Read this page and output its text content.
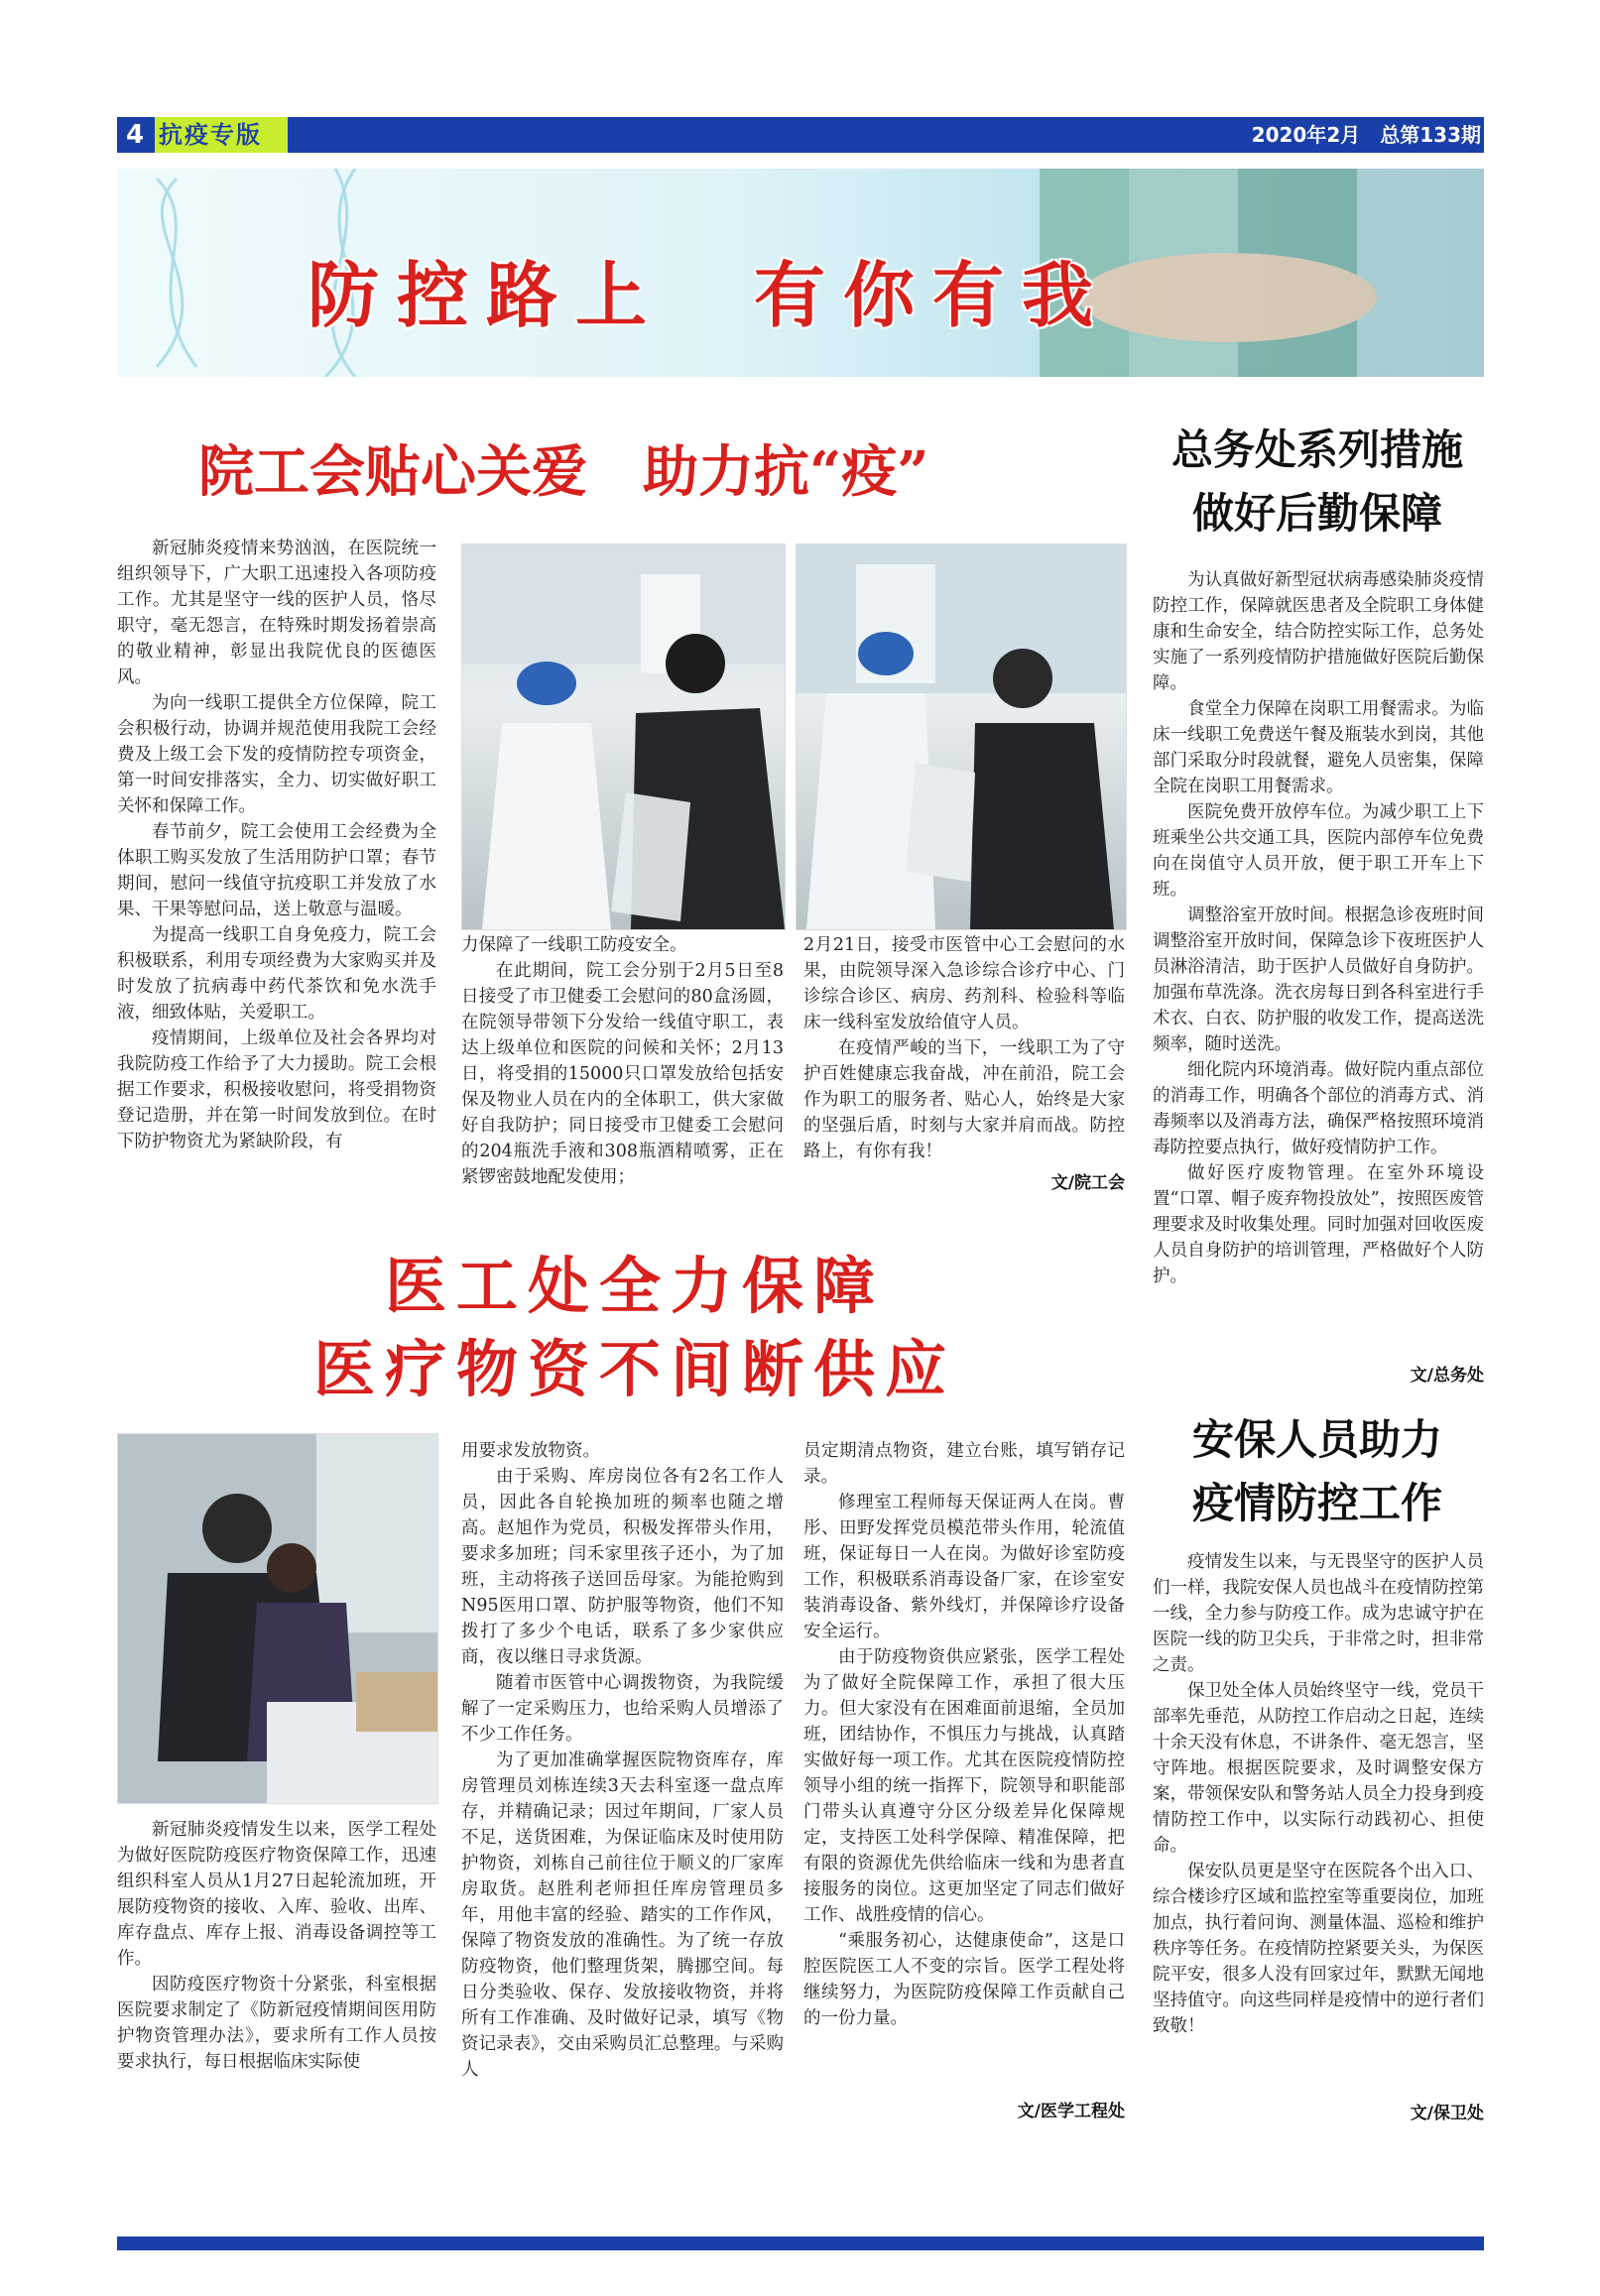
4 抗疫专版	2020年2月　总第133期
防控路上　有你有我
院工会贴心关爱　助力抗“疫”

新冠肺炎疫情来势汹汹，在医院统一组织领导下，广大职工迅速投入各项防疫工作。尤其是坚守一线的医护人员，恪尽职守，毫无怨言，在特殊时期发扬着崇高的敬业精神，彰显出我院优良的医德医风。

为向一线职工提供全方位保障，院工会积极行动，协调并规范使用我院工会经费及上级工会下发的疫情防控专项资金，第一时间安排落实，全力、切实做好职工关怀和保障工作。

春节前夕，院工会使用工会经费为全体职工购买发放了生活用防护口罩；春节期间，慰问一线值守抗疫职工并发放了水果、干果等慰问品，送上敬意与温暖。

为提高一线职工自身免疫力，院工会积极联系，利用专项经费为大家购买并及时发放了抗病毒中药代茶饮和免水洗手液，细致体贴，关爱职工。

疫情期间，上级单位及社会各界均对我院防疫工作给予了大力援助。院工会根据工作要求，积极接收慰问，将受捐物资登记造册，并在第一时间发放到位。在时下防护物资尤为紧缺阶段，有

力保障了一线职工防疫安全。

在此期间，院工会分别于2月5日至8日接受了市卫健委工会慰问的80盒汤圆，在院领导带领下分发给一线值守职工，表达上级单位和医院的问候和关怀；2月13日，将受捐的15000只口罩发放给包括安保及物业人员在内的全体职工，供大家做好自我防护；同日接受市卫健委工会慰问的204瓶洗手液和308瓶酒精喷雾，正在紧锣密鼓地配发使用；

2月21日，接受市医管中心工会慰问的水果，由院领导深入急诊综合诊疗中心、门诊综合诊区、病房、药剂科、检验科等临床一线科室发放给值守人员。

在疫情严峻的当下，一线职工为了守护百姓健康忘我奋战，冲在前沿，院工会作为职工的服务者、贴心人，始终是大家的坚强后盾，时刻与大家并肩而战。防控路上，有你有我！

文/院工会
总务处系列措施
做好后勤保障

为认真做好新型冠状病毒感染肺炎疫情防控工作，保障就医患者及全院职工身体健康和生命安全，结合防控实际工作，总务处实施了一系列疫情防护措施做好医院后勤保障。

食堂全力保障在岗职工用餐需求。为临床一线职工免费送午餐及瓶装水到岗，其他部门采取分时段就餐，避免人员密集，保障全院在岗职工用餐需求。

医院免费开放停车位。为减少职工上下班乘坐公共交通工具，医院内部停车位免费向在岗值守人员开放，便于职工开车上下班。

调整浴室开放时间。根据急诊夜班时间调整浴室开放时间，保障急诊下夜班医护人员淋浴清洁，助于医护人员做好自身防护。加强布草洗涤。洗衣房每日到各科室进行手术衣、白衣、防护服的收发工作，提高送洗频率，随时送洗。

细化院内环境消毒。做好院内重点部位的消毒工作，明确各个部位的消毒方式、消毒频率以及消毒方法，确保严格按照环境消毒防控要点执行，做好疫情防护工作。

做好医疗废物管理。在室外环境设置“口罩、帽子废弃物投放处”，按照医废管理要求及时收集处理。同时加强对回收医废人员自身防护的培训管理，严格做好个人防护。

文/总务处
医工处全力保障
医疗物资不间断供应

新冠肺炎疫情发生以来，医学工程处为做好医院防疫医疗物资保障工作，迅速组织科室人员从1月27日起轮流加班，开展防疫物资的接收、入库、验收、出库、库存盘点、库存上报、消毒设备调控等工作。

因防疫医疗物资十分紧张，科室根据医院要求制定了《防新冠疫情期间医用防护物资管理办法》，要求所有工作人员按要求执行，每日根据临床实际使

用要求发放物资。

由于采购、库房岗位各有2名工作人员，因此各自轮换加班的频率也随之增高。赵旭作为党员，积极发挥带头作用，要求多加班；闫禾家里孩子还小，为了加班，主动将孩子送回岳母家。为能抢购到N95医用口罩、防护服等物资，他们不知拨打了多少个电话，联系了多少家供应商，夜以继日寻求货源。

随着市医管中心调拨物资，为我院缓解了一定采购压力，也给采购人员增添了不少工作任务。

为了更加准确掌握医院物资库存，库房管理员刘栋连续3天去科室逐一盘点库存，并精确记录；因过年期间，厂家人员不足，送货困难，为保证临床及时使用防护物资，刘栋自己前往位于顺义的厂家库房取货。赵胜利老师担任库房管理员多年，用他丰富的经验、踏实的工作作风，保障了物资发放的准确性。为了统一存放防疫物资，他们整理货架，腾挪空间。每日分类验收、保存、发放接收物资，并将所有工作准确、及时做好记录，填写《物资记录表》，交由采购员汇总整理。与采购人

员定期清点物资，建立台账，填写销存记录。

修理室工程师每天保证两人在岗。曹彤、田野发挥党员模范带头作用，轮流值班，保证每日一人在岗。为做好诊室防疫工作，积极联系消毒设备厂家，在诊室安装消毒设备、紫外线灯，并保障诊疗设备安全运行。

由于防疫物资供应紧张，医学工程处为了做好全院保障工作，承担了很大压力。但大家没有在困难面前退缩，全员加班，团结协作，不惧压力与挑战，认真踏实做好每一项工作。尤其在医院疫情防控领导小组的统一指挥下，院领导和职能部门带头认真遵守分区分级差异化保障规定，支持医工处科学保障、精准保障，把有限的资源优先供给临床一线和为患者直接服务的岗位。这更加坚定了同志们做好工作、战胜疫情的信心。

“乘服务初心，达健康使命”，这是口腔医院医工人不变的宗旨。医学工程处将继续努力，为医院防疫保障工作贡献自己的一份力量。

文/医学工程处
安保人员助力
疫情防控工作

疫情发生以来，与无畏坚守的医护人员们一样，我院安保人员也战斗在疫情防控第一线，全力参与防疫工作。成为忠诚守护在医院一线的防卫尖兵，于非常之时，担非常之责。

保卫处全体人员始终坚守一线，党员干部率先垂范，从防控工作启动之日起，连续十余天没有休息，不讲条件、毫无怨言，坚守阵地。根据医院要求，及时调整安保方案，带领保安队和警务站人员全力投身到疫情防控工作中，以实际行动践初心、担使命。

保安队员更是坚守在医院各个出入口、综合楼诊疗区域和监控室等重要岗位，加班加点，执行着问询、测量体温、巡检和维护秩序等任务。在疫情防控紧要关头，为保医院平安，很多人没有回家过年，默默无闻地坚持值守。向这些同样是疫情中的逆行者们致敬！

文/保卫处
